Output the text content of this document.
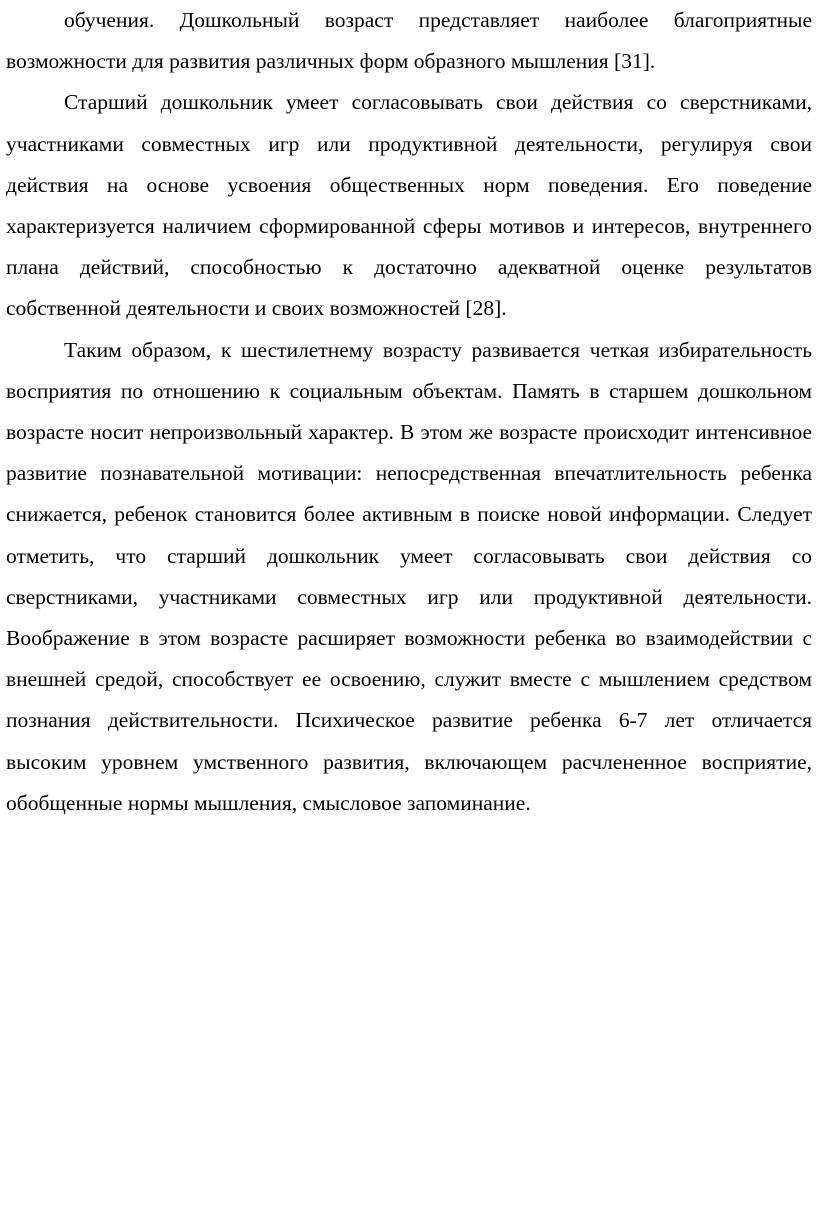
обучения. Дошкольный возраст представляет наиболее благоприятные возможности для развития различных форм образного мышления [31].

Старший дошкольник умеет согласовывать свои действия со сверстниками, участниками совместных игр или продуктивной деятельности, регулируя свои действия на основе усвоения общественных норм поведения. Его поведение характеризуется наличием сформированной сферы мотивов и интересов, внутреннего плана действий, способностью к достаточно адекватной оценке результатов собственной деятельности и своих возможностей [28].

Таким образом, к шестилетнему возрасту развивается четкая избирательность восприятия по отношению к социальным объектам. Память в старшем дошкольном возрасте носит непроизвольный характер. В этом же возрасте происходит интенсивное развитие познавательной мотивации: непосредственная впечатлительность ребенка снижается, ребенок становится более активным в поиске новой информации. Следует отметить, что старший дошкольник умеет согласовывать свои действия со сверстниками, участниками совместных игр или продуктивной деятельности. Воображение в этом возрасте расширяет возможности ребенка во взаимодействии с внешней средой, способствует ее освоению, служит вместе с мышлением средством познания действительности. Психическое развитие ребенка 6-7 лет отличается высоким уровнем умственного развития, включающем расчлененное восприятие, обобщенные нормы мышления, смысловое запоминание.
